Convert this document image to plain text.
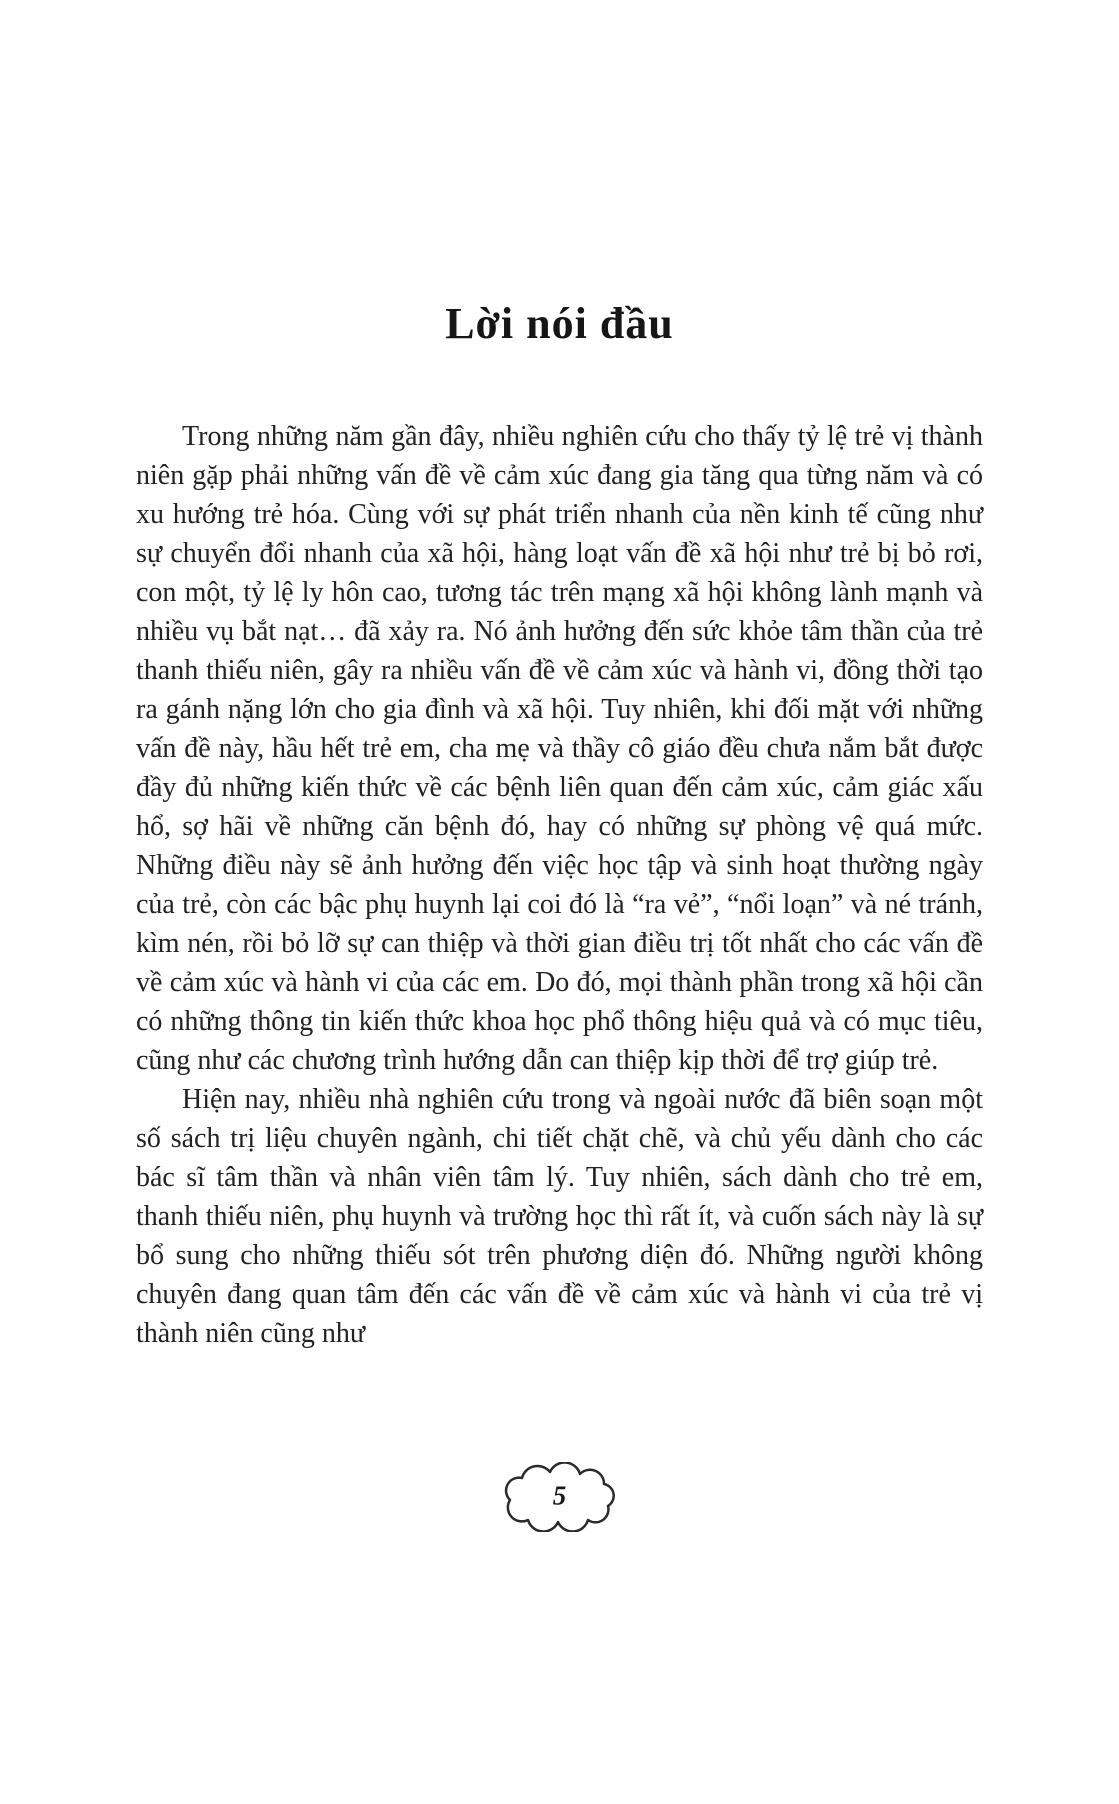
Lời nói đầu

Trong những năm gần đây, nhiều nghiên cứu cho thấy tỷ lệ trẻ vị thành niên gặp phải những vấn đề về cảm xúc đang gia tăng qua từng năm và có xu hướng trẻ hóa. Cùng với sự phát triển nhanh của nền kinh tế cũng như sự chuyển đổi nhanh của xã hội, hàng loạt vấn đề xã hội như trẻ bị bỏ rơi, con một, tỷ lệ ly hôn cao, tương tác trên mạng xã hội không lành mạnh và nhiều vụ bắt nạt… đã xảy ra. Nó ảnh hưởng đến sức khỏe tâm thần của trẻ thanh thiếu niên, gây ra nhiều vấn đề về cảm xúc và hành vi, đồng thời tạo ra gánh nặng lớn cho gia đình và xã hội. Tuy nhiên, khi đối mặt với những vấn đề này, hầu hết trẻ em, cha mẹ và thầy cô giáo đều chưa nắm bắt được đầy đủ những kiến thức về các bệnh liên quan đến cảm xúc, cảm giác xấu hổ, sợ hãi về những căn bệnh đó, hay có những sự phòng vệ quá mức. Những điều này sẽ ảnh hưởng đến việc học tập và sinh hoạt thường ngày của trẻ, còn các bậc phụ huynh lại coi đó là “ra vẻ”, “nổi loạn” và né tránh, kìm nén, rồi bỏ lỡ sự can thiệp và thời gian điều trị tốt nhất cho các vấn đề về cảm xúc và hành vi của các em. Do đó, mọi thành phần trong xã hội cần có những thông tin kiến thức khoa học phổ thông hiệu quả và có mục tiêu, cũng như các chương trình hướng dẫn can thiệp kịp thời để trợ giúp trẻ.

Hiện nay, nhiều nhà nghiên cứu trong và ngoài nước đã biên soạn một số sách trị liệu chuyên ngành, chi tiết chặt chẽ, và chủ yếu dành cho các bác sĩ tâm thần và nhân viên tâm lý. Tuy nhiên, sách dành cho trẻ em, thanh thiếu niên, phụ huynh và trường học thì rất ít, và cuốn sách này là sự bổ sung cho những thiếu sót trên phương diện đó. Những người không chuyên đang quan tâm đến các vấn đề về cảm xúc và hành vi của trẻ vị thành niên cũng như

5
